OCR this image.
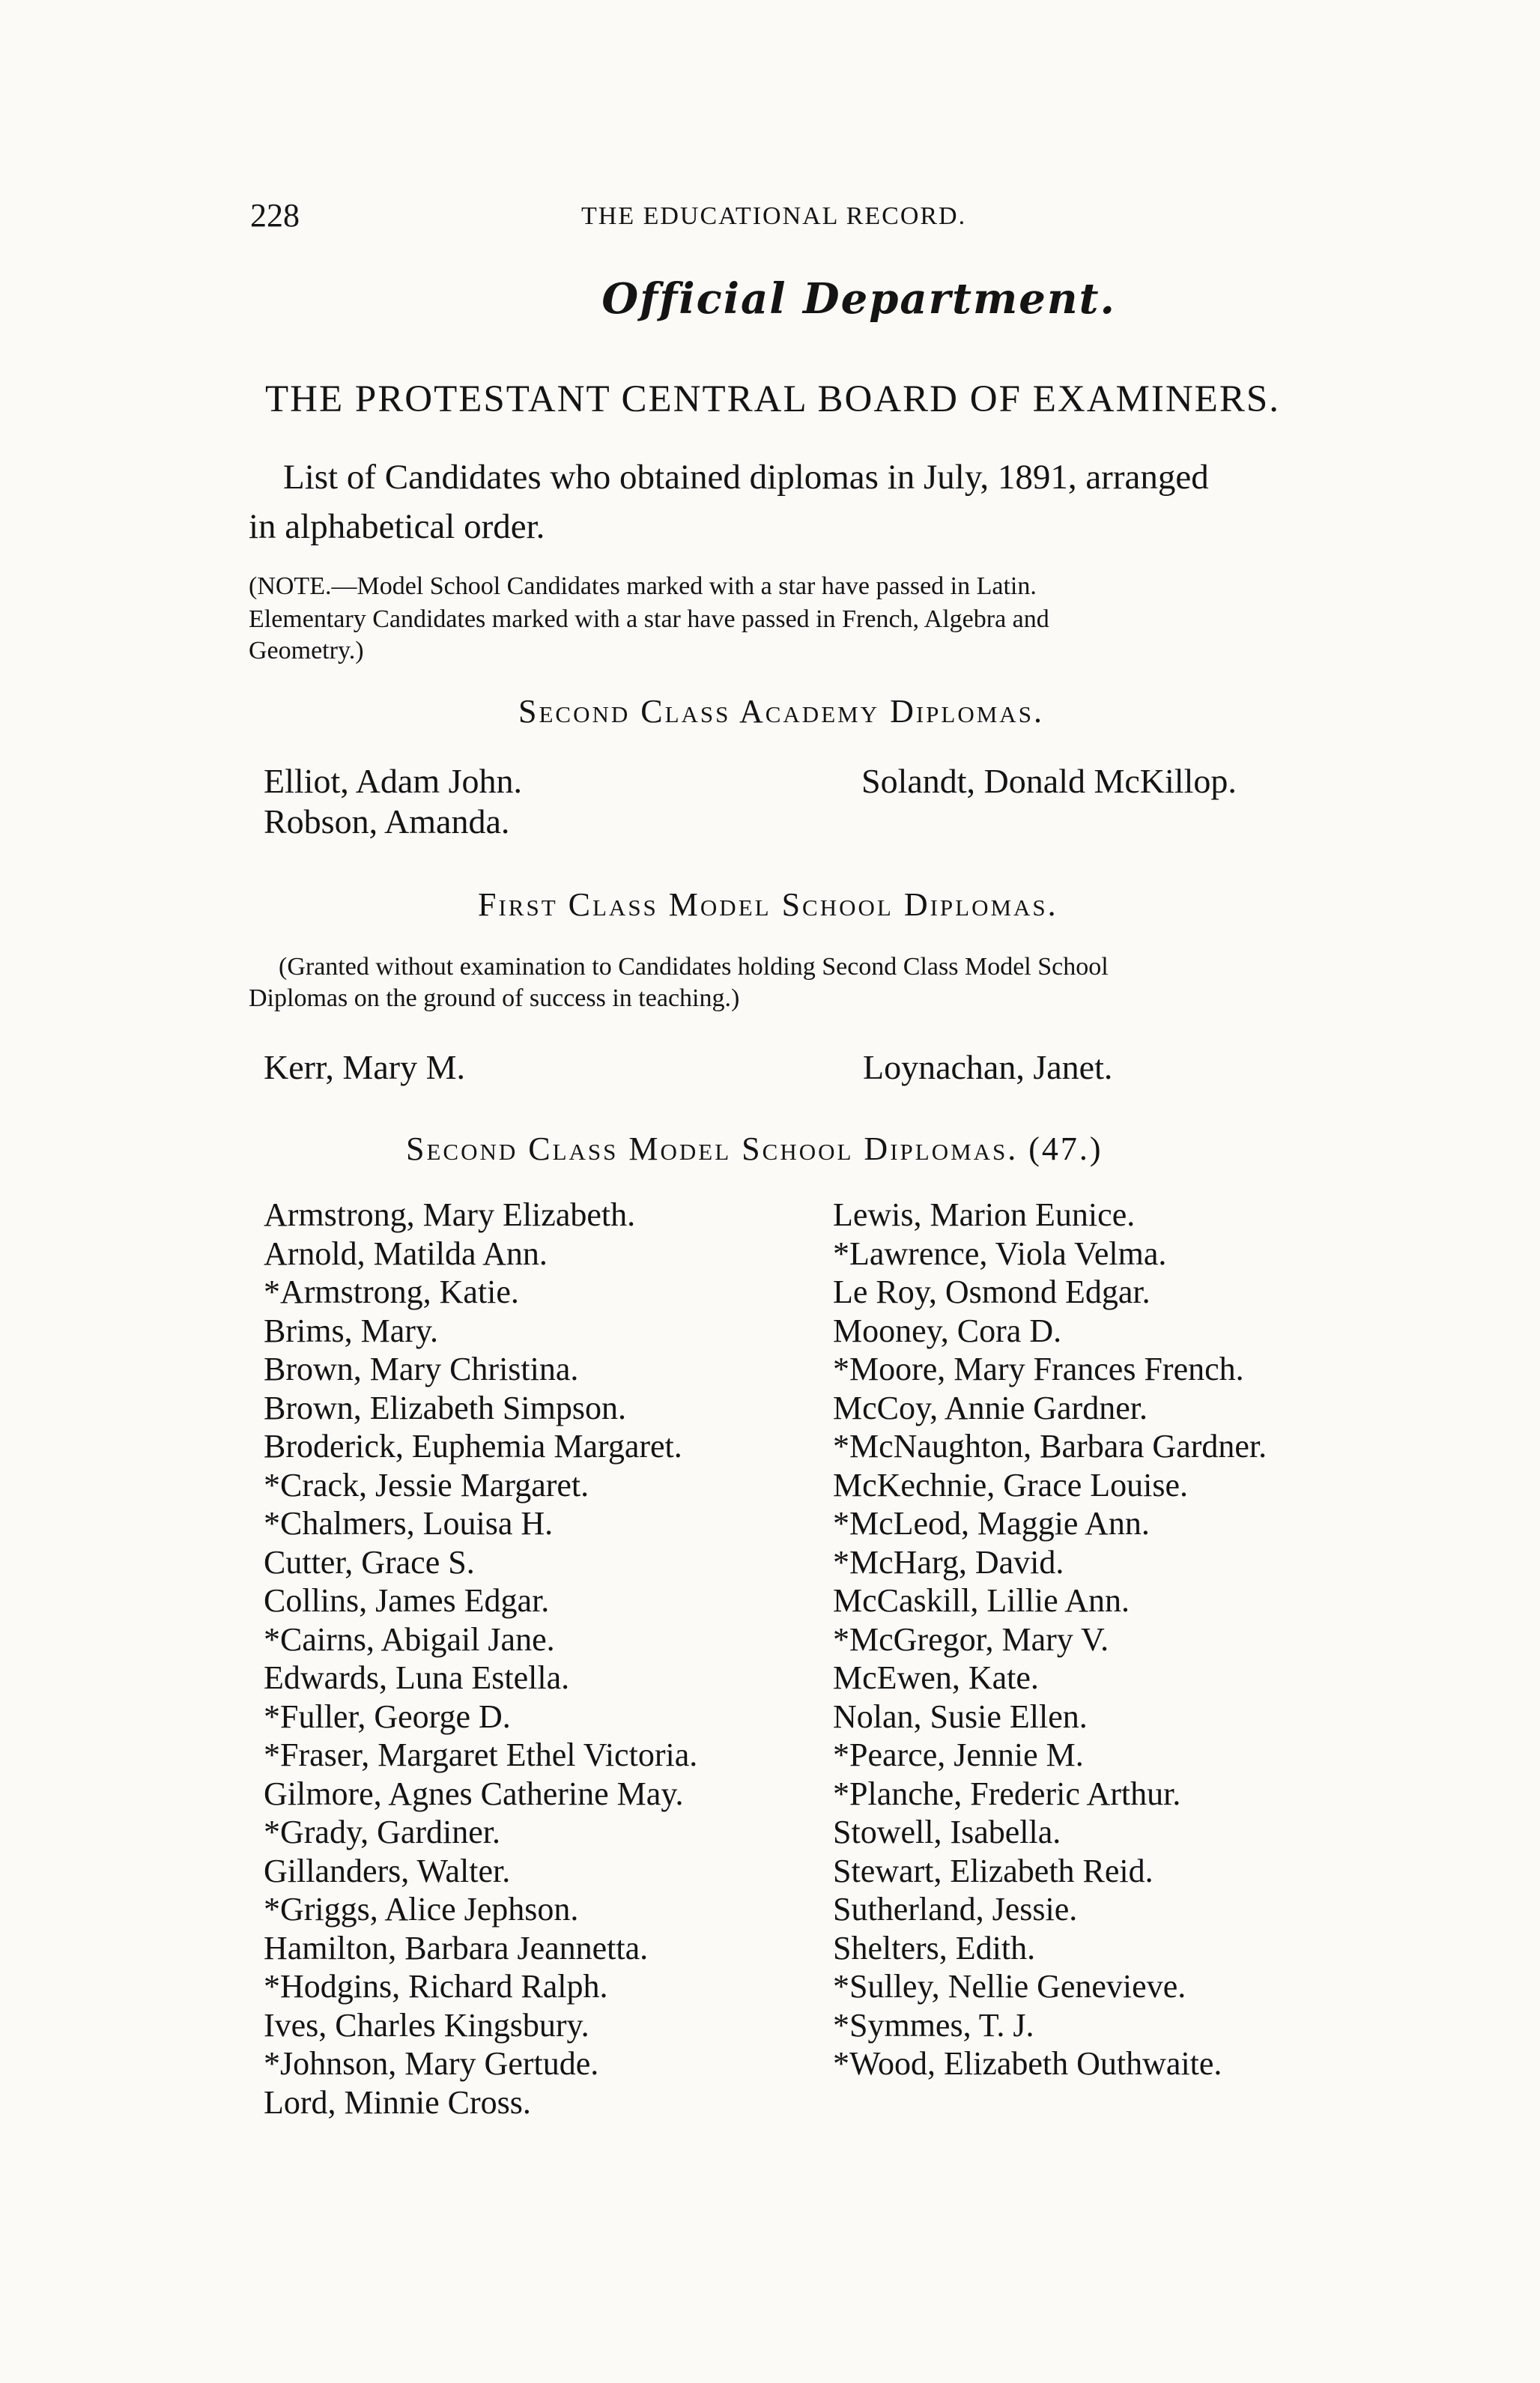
228	THE EDUCATIONAL RECORD.
Official Department.
THE PROTESTANT CENTRAL BOARD OF EXAMINERS.
List of Candidates who obtained diplomas in July, 1891, arranged
in alphabetical order.
(NOTE.—Model School Candidates marked with a star have passed in Latin.
Elementary Candidates marked with a star have passed in French, Algebra and
Geometry.)
Second Class Academy Diplomas.
Elliot, Adam John.
Robson, Amanda.
Solandt, Donald McKillop.
First Class Model School Diplomas.
(Granted without examination to Candidates holding Second Class Model School
Diplomas on the ground of success in teaching.)
Kerr, Mary M.	Loynachan, Janet.
Second Class Model School Diplomas. (47.)
Armstrong, Mary Elizabeth.
Arnold, Matilda Ann.
*Armstrong, Katie.
Brims, Mary.
Brown, Mary Christina.
Brown, Elizabeth Simpson.
Broderick, Euphemia Margaret.
*Crack, Jessie Margaret.
*Chalmers, Louisa H.
Cutter, Grace S.
Collins, James Edgar.
*Cairns, Abigail Jane.
Edwards, Luna Estella.
*Fuller, George D.
*Fraser, Margaret Ethel Victoria.
Gilmore, Agnes Catherine May.
*Grady, Gardiner.
Gillanders, Walter.
*Griggs, Alice Jephson.
Hamilton, Barbara Jeannetta.
*Hodgins, Richard Ralph.
Ives, Charles Kingsbury.
*Johnson, Mary Gertude.
Lord, Minnie Cross.
Lewis, Marion Eunice.
*Lawrence, Viola Velma.
Le Roy, Osmond Edgar.
Mooney, Cora D.
*Moore, Mary Frances French.
McCoy, Annie Gardner.
*McNaughton, Barbara Gardner.
McKechnie, Grace Louise.
*McLeod, Maggie Ann.
*McHarg, David.
McCaskill, Lillie Ann.
*McGregor, Mary V.
McEwen, Kate.
Nolan, Susie Ellen.
*Pearce, Jennie M.
*Planche, Frederic Arthur.
Stowell, Isabella.
Stewart, Elizabeth Reid.
Sutherland, Jessie.
Shelters, Edith.
*Sulley, Nellie Genevieve.
*Symmes, T. J.
*Wood, Elizabeth Outhwaite.
